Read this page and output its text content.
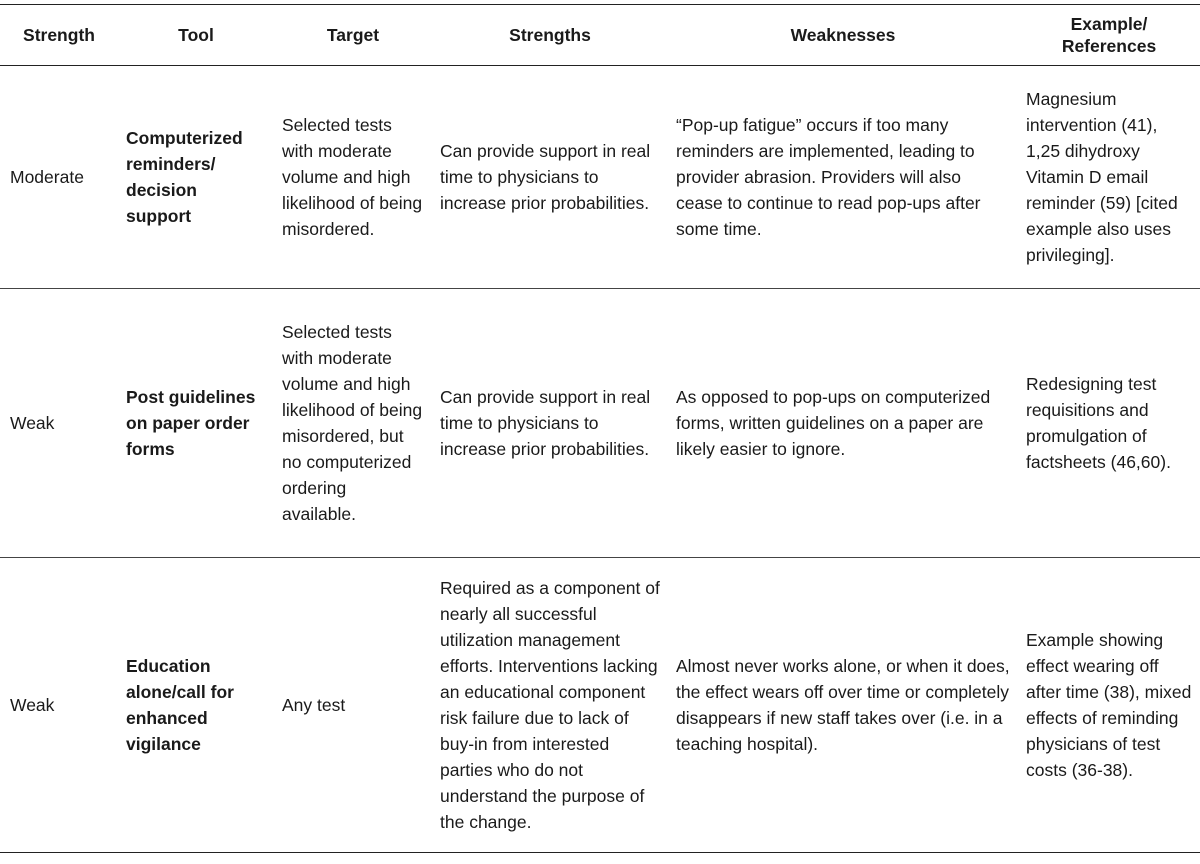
Strength	Tool	Target	Strengths	Weaknesses	Example/
References
Moderate	Computerized reminders/ decision support	Selected tests with moderate volume and high likelihood of being misordered.	Can provide support in real time to physicians to increase prior probabilities.	“Pop-up fatigue” occurs if too many reminders are implemented, leading to provider abrasion. Providers will also cease to continue to read pop-ups after some time.	Magnesium intervention (41), 1,25 dihydroxy Vitamin D email reminder (59) [cited example also uses privileging].
Weak	Post guidelines on paper order forms	Selected tests with moderate volume and high likelihood of being misordered, but no computerized ordering available.	Can provide support in real time to physicians to increase prior probabilities.	As opposed to pop-ups on computerized forms, written guidelines on a paper are likely easier to ignore.	Redesigning test requisitions and promulgation of factsheets (46,60).
Weak	Education alone/call for enhanced vigilance	Any test	Required as a component of nearly all successful utilization management efforts. Interventions lacking an educational component risk failure due to lack of buy-in from interested parties who do not understand the purpose of the change.	Almost never works alone, or when it does, the effect wears off over time or completely disappears if new staff takes over (i.e. in a teaching hospital).	Example showing effect wearing off after time (38), mixed effects of reminding physicians of test costs (36-38).
